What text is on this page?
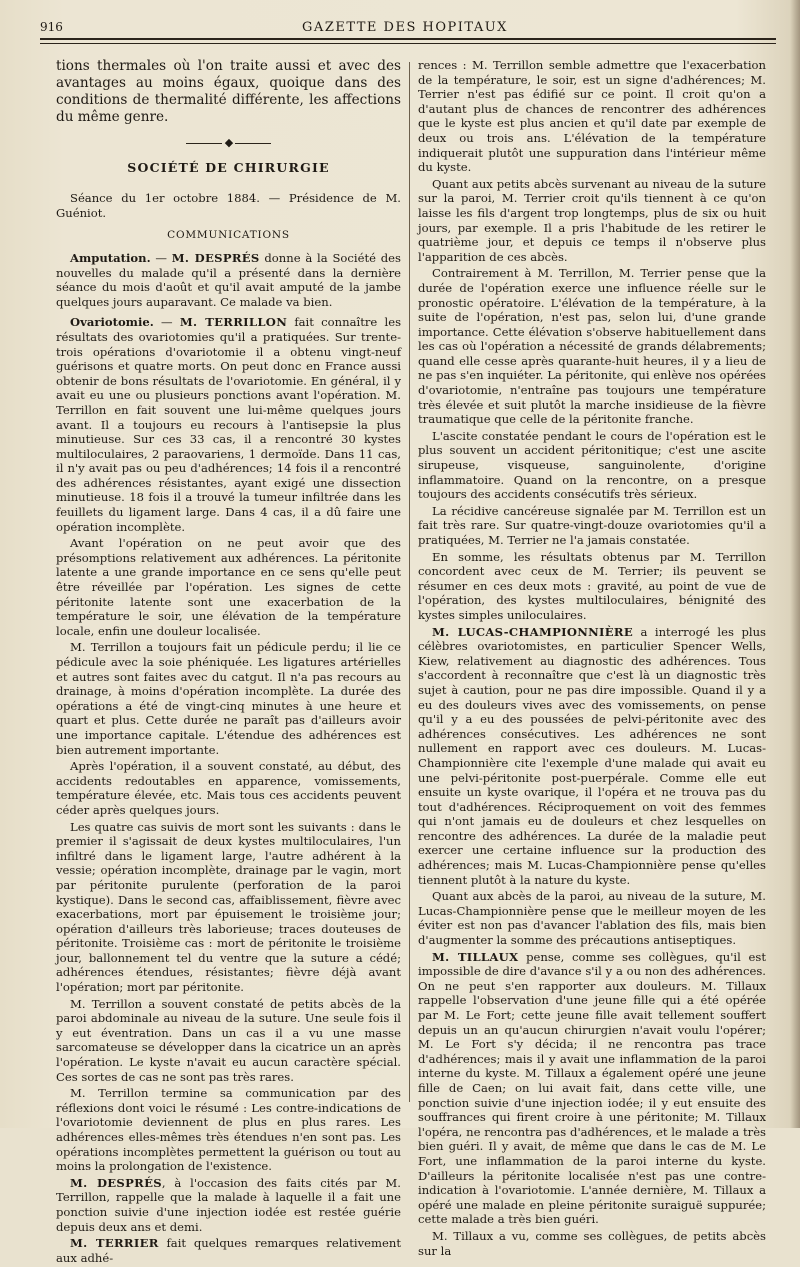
916	GAZETTE DES HOPITAUX

tions thermales où l'on traite aussi et avec des avantages au moins égaux, quoique dans des conditions de thermalité différente, les affections du même genre.

◆
SOCIÉTÉ DE CHIRURGIE

Séance du 1er octobre 1884. — Présidence de M. Guéniot.

COMMUNICATIONS

Amputation. — M. DESPRÉS donne à la Société des nouvelles du malade qu'il a présenté dans la dernière séance du mois d'août et qu'il avait amputé de la jambe quelques jours auparavant. Ce malade va bien.

Ovariotomie. — M. TERRILLON fait connaître les résultats des ovariotomies qu'il a pratiquées. Sur trente-trois opérations d'ovariotomie il a obtenu vingt-neuf guérisons et quatre morts. On peut donc en France aussi obtenir de bons résultats de l'ovariotomie. En général, il y avait eu une ou plusieurs ponctions avant l'opération. M. Terrillon en fait souvent une lui-même quelques jours avant. Il a toujours eu recours à l'antisepsie la plus minutieuse. Sur ces 33 cas, il a rencontré 30 kystes multiloculaires, 2 paraovariens, 1 dermoïde. Dans 11 cas, il n'y avait pas ou peu d'adhérences; 14 fois il a rencontré des adhérences résistantes, ayant exigé une dissection minutieuse. 18 fois il a trouvé la tumeur infiltrée dans les feuillets du ligament large. Dans 4 cas, il a dû faire une opération incomplète.

Avant l'opération on ne peut avoir que des présomptions relativement aux adhérences. La péritonite latente a une grande importance en ce sens qu'elle peut être réveillée par l'opération. Les signes de cette péritonite latente sont une exacerbation de la température le soir, une élévation de la température locale, enfin une douleur localisée.

M. Terrillon a toujours fait un pédicule perdu; il lie ce pédicule avec la soie phéniquée. Les ligatures artérielles et autres sont faites avec du catgut. Il n'a pas recours au drainage, à moins d'opération incomplète. La durée des opérations a été de vingt-cinq minutes à une heure et quart et plus. Cette durée ne paraît pas d'ailleurs avoir une importance capitale. L'étendue des adhérences est bien autrement importante.

Après l'opération, il a souvent constaté, au début, des accidents redoutables en apparence, vomissements, température élevée, etc. Mais tous ces accidents peuvent céder après quelques jours.

Les quatre cas suivis de mort sont les suivants : dans le premier il s'agissait de deux kystes multiloculaires, l'un infiltré dans le ligament large, l'autre adhérent à la vessie; opération incomplète, drainage par le vagin, mort par péritonite purulente (perforation de la paroi kystique). Dans le second cas, affaiblissement, fièvre avec exacerbations, mort par épuisement le troisième jour; opération d'ailleurs très laborieuse; traces douteuses de péritonite. Troisième cas : mort de péritonite le troisième jour, ballonnement tel du ventre que la suture a cédé; adhérences étendues, résistantes; fièvre déjà avant l'opération; mort par péritonite.

M. Terrillon a souvent constaté de petits abcès de la paroi abdominale au niveau de la suture. Une seule fois il y eut éventration. Dans un cas il a vu une masse sarcomateuse se développer dans la cicatrice un an après l'opération. Le kyste n'avait eu aucun caractère spécial. Ces sortes de cas ne sont pas très rares.

M. Terrillon termine sa communication par des réflexions dont voici le résumé : Les contre-indications de l'ovariotomie deviennent de plus en plus rares. Les adhérences elles-mêmes très étendues n'en sont pas. Les opérations incomplètes permettent la guérison ou tout au moins la prolongation de l'existence.

M. DESPRÉS, à l'occasion des faits cités par M. Terrillon, rappelle que la malade à laquelle il a fait une ponction suivie d'une injection iodée est restée guérie depuis deux ans et demi.

M. TERRIER fait quelques remarques relativement aux adhé-

rences : M. Terrillon semble admettre que l'exacerbation de la température, le soir, est un signe d'adhérences; M. Terrier n'est pas édifié sur ce point. Il croit qu'on a d'autant plus de chances de rencontrer des adhérences que le kyste est plus ancien et qu'il date par exemple de deux ou trois ans. L'élévation de la température indiquerait plutôt une suppuration dans l'intérieur même du kyste.

Quant aux petits abcès survenant au niveau de la suture sur la paroi, M. Terrier croit qu'ils tiennent à ce qu'on laisse les fils d'argent trop longtemps, plus de six ou huit jours, par exemple. Il a pris l'habitude de les retirer le quatrième jour, et depuis ce temps il n'observe plus l'apparition de ces abcès.

Contrairement à M. Terrillon, M. Terrier pense que la durée de l'opération exerce une influence réelle sur le pronostic opératoire. L'élévation de la température, à la suite de l'opération, n'est pas, selon lui, d'une grande importance. Cette élévation s'observe habituellement dans les cas où l'opération a nécessité de grands délabrements; quand elle cesse après quarante-huit heures, il y a lieu de ne pas s'en inquiéter. La péritonite, qui enlève nos opérées d'ovariotomie, n'entraîne pas toujours une température très élevée et suit plutôt la marche insidieuse de la fièvre traumatique que celle de la péritonite franche.

L'ascite constatée pendant le cours de l'opération est le plus souvent un accident péritonitique; c'est une ascite sirupeuse, visqueuse, sanguinolente, d'origine inflammatoire. Quand on la rencontre, on a presque toujours des accidents consécutifs très sérieux.

La récidive cancéreuse signalée par M. Terrillon est un fait très rare. Sur quatre-vingt-douze ovariotomies qu'il a pratiquées, M. Terrier ne l'a jamais constatée.

En somme, les résultats obtenus par M. Terrillon concordent avec ceux de M. Terrier; ils peuvent se résumer en ces deux mots : gravité, au point de vue de l'opération, des kystes multiloculaires, bénignité des kystes simples uniloculaires.

M. LUCAS-CHAMPIONNIÈRE a interrogé les plus célèbres ovariotomistes, en particulier Spencer Wells, Kiew, relativement au diagnostic des adhérences. Tous s'accordent à reconnaître que c'est là un diagnostic très sujet à caution, pour ne pas dire impossible. Quand il y a eu des douleurs vives avec des vomissements, on pense qu'il y a eu des poussées de pelvi-péritonite avec des adhérences consécutives. Les adhérences ne sont nullement en rapport avec ces douleurs. M. Lucas-Championnière cite l'exemple d'une malade qui avait eu une pelvi-péritonite post-puerpérale. Comme elle eut ensuite un kyste ovarique, il l'opéra et ne trouva pas du tout d'adhérences. Réciproquement on voit des femmes qui n'ont jamais eu de douleurs et chez lesquelles on rencontre des adhérences. La durée de la maladie peut exercer une certaine influence sur la production des adhérences; mais M. Lucas-Championnière pense qu'elles tiennent plutôt à la nature du kyste.

Quant aux abcès de la paroi, au niveau de la suture, M. Lucas-Championnière pense que le meilleur moyen de les éviter est non pas d'avancer l'ablation des fils, mais bien d'augmenter la somme des précautions antiseptiques.

M. TILLAUX pense, comme ses collègues, qu'il est impossible de dire d'avance s'il y a ou non des adhérences. On ne peut s'en rapporter aux douleurs. M. Tillaux rappelle l'observation d'une jeune fille qui a été opérée par M. Le Fort; cette jeune fille avait tellement souffert depuis un an qu'aucun chirurgien n'avait voulu l'opérer; M. Le Fort s'y décida; il ne rencontra pas trace d'adhérences; mais il y avait une inflammation de la paroi interne du kyste. M. Tillaux a également opéré une jeune fille de Caen; on lui avait fait, dans cette ville, une ponction suivie d'une injection iodée; il y eut ensuite des souffrances qui firent croire à une péritonite; M. Tillaux l'opéra, ne rencontra pas d'adhérences, et le malade a très bien guéri. Il y avait, de même que dans le cas de M. Le Fort, une inflammation de la paroi interne du kyste. D'ailleurs la péritonite localisée n'est pas une contre-indication à l'ovariotomie. L'année dernière, M. Tillaux a opéré une malade en pleine péritonite suraiguë suppurée; cette malade a très bien guéri.

M. Tillaux a vu, comme ses collègues, de petits abcès sur la
